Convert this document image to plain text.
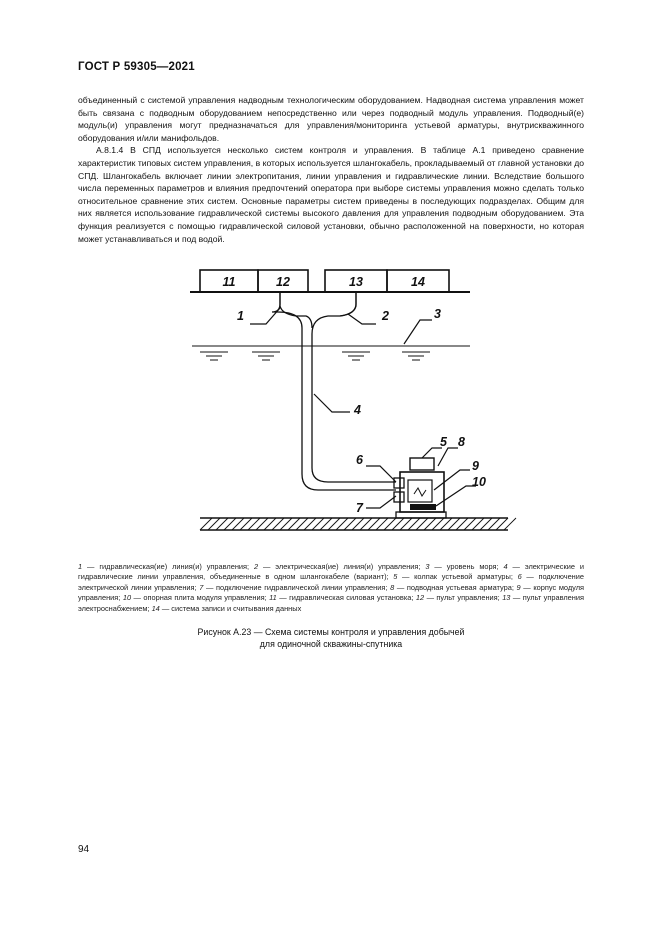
ГОСТ Р 59305—2021

объединенный с системой управления надводным технологическим оборудованием. Надводная система управления может быть связана с подводным оборудованием непосредственно или через подводный модуль управления. Подводный(е) модуль(и) управления могут предназначаться для управления/мониторинга устьевой арматуры, внутрискважинного оборудования и/или манифольдов.

А.8.1.4 В СПД используется несколько систем контроля и управления. В таблице А.1 приведено сравнение характеристик типовых систем управления, в которых используется шлангокабель, прокладываемый от главной установки до СПД. Шлангокабель включает линии электропитания, линии управления и гидравлические линии. Вследствие большого числа переменных параметров и влияния предпочтений оператора при выборе системы управления можно сделать только относительное сравнение этих систем. Основные параметры систем приведены в последующих подразделах. Общим для них является использование гидравлической системы высокого давления для управления подводным оборудованием. Эта функция реализуется с помощью гидравлической силовой установки, обычно расположенной на поверхности, но которая может устанавливаться и под водой.

11	12	13	14
1	2	3
4
5
6
7
8
9
10
1 — гидравлическая(ие) линия(и) управления; 2 — электрическая(ие) линия(и) управления; 3 — уровень моря; 4 — электрические и гидравлические линии управления, объединенные в одном шлангокабеле (вариант); 5 — колпак устьевой арматуры; 6 — подключение электрической линии управления; 7 — подключение гидравлической линии управления; 8 — подводная устьевая арматура; 9 — корпус модуля управления; 10 — опорная плита модуля управления; 11 — гидравлическая силовая установка; 12 — пульт управления; 13 — пульт управления электроснабжением; 14 — система записи и считывания данных
Рисунок А.23 — Схема системы контроля и управления добычей
для одиночной скважины-спутника
94
